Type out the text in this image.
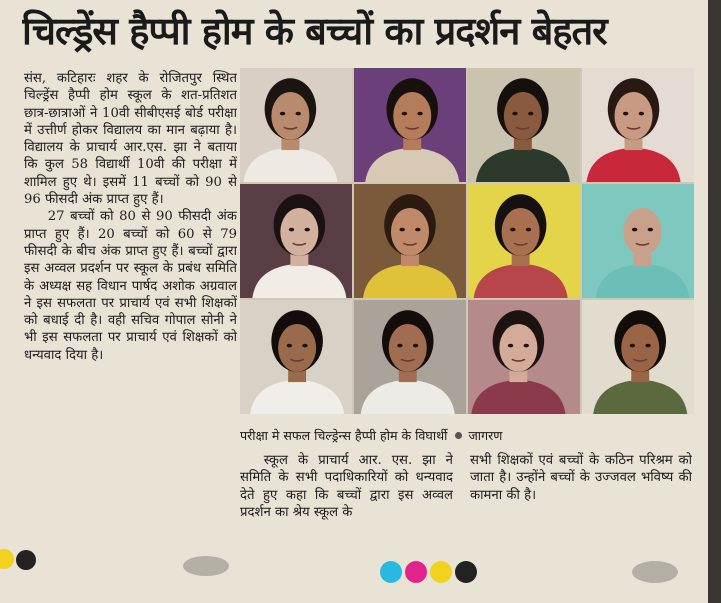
चिल्ड्रेंस हैप्पी होम के बच्चों का प्रदर्शन बेहतर

संस, कटिहारः शहर के रोजितपुर स्थित चिल्ड्रेंस हैप्पी होम स्कूल के शत-प्रतिशत छात्र-छात्राओं ने 10वी सीबीएसई बोर्ड परीक्षा में उत्तीर्ण होकर विद्यालय का मान बढ़ाया है। विद्यालय के प्राचार्य आर.एस. झा ने बताया कि कुल 58 विद्यार्थी 10वी की परीक्षा में शामिल हुए थे। इसमें 11 बच्चों को 90 से 96 फीसदी अंक प्राप्त हुए हैं।

27 बच्चों को 80 से 90 फीसदी अंक प्राप्त हुए हैं। 20 बच्चों को 60 से 79 फीसदी के बीच अंक प्राप्त हुए हैं। बच्चों द्वारा इस अव्वल प्रदर्शन पर स्कूल के प्रबंध समिति के अध्यक्ष सह विधान पार्षद अशोक अग्रवाल ने इस सफलता पर प्राचार्य एवं सभी शिक्षकों को बधाई दी है। वही सचिव गोपाल सोनी ने भी इस सफलता पर प्राचार्य एवं शिक्षकों को धन्यवाद दिया है।

परीक्षा मे सफल चिल्ड्रेन्स हैप्पी होम के विघार्थी जागरण

स्कूल के प्राचार्य आर. एस. झा ने समिति के सभी पदाधिकारियों को धन्यवाद देते हुए कहा कि बच्चों द्वारा इस अव्वल प्रदर्शन का श्रेय स्कूल के

सभी शिक्षकों एवं बच्चों के कठिन परिश्रम को जाता है। उन्होंने बच्चों के उज्जवल भविष्य की कामना की है।
